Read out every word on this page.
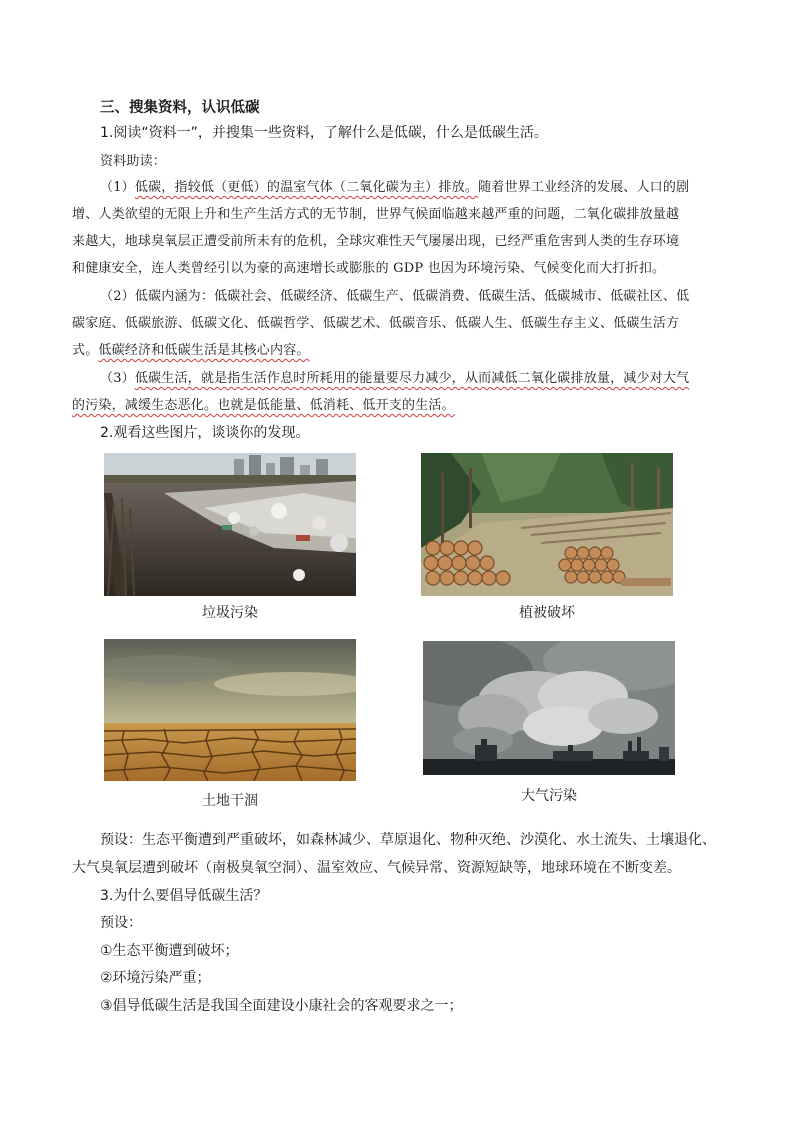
三、搜集资料，认识低碳
1.阅读“资料一”，并搜集一些资料，了解什么是低碳，什么是低碳生活。
资料助读：
（1）低碳，指较低（更低）的温室气体（二氧化碳为主）排放。随着世界工业经济的发展、人口的剧
增、人类欲望的无限上升和生产生活方式的无节制，世界气候面临越来越严重的问题，二氧化碳排放量越
来越大，地球臭氧层正遭受前所未有的危机，全球灾难性天气屡屡出现，已经严重危害到人类的生存环境
和健康安全，连人类曾经引以为豪的高速增长或膨胀的 GDP 也因为环境污染、气候变化而大打折扣。
（2）低碳内涵为：低碳社会、低碳经济、低碳生产、低碳消费、低碳生活、低碳城市、低碳社区、低
碳家庭、低碳旅游、低碳文化、低碳哲学、低碳艺术、低碳音乐、低碳人生、低碳生存主义、低碳生活方
式。低碳经济和低碳生活是其核心内容。
（3）低碳生活，就是指生活作息时所耗用的能量要尽力减少，从而减低二氧化碳排放量，减少对大气
的污染，减缓生态恶化。也就是低能量、低消耗、低开支的生活。
2.观看这些图片，谈谈你的发现。
垃圾污染	植被破坏
土地干涸	大气污染
预设：生态平衡遭到严重破坏，如森林减少、草原退化、物种灭绝、沙漠化、水土流失、土壤退化、
大气臭氧层遭到破坏（南极臭氧空洞）、温室效应、气候异常、资源短缺等，地球环境在不断变差。
3.为什么要倡导低碳生活？
预设：
①生态平衡遭到破坏；
②环境污染严重；
③倡导低碳生活是我国全面建设小康社会的客观要求之一；
